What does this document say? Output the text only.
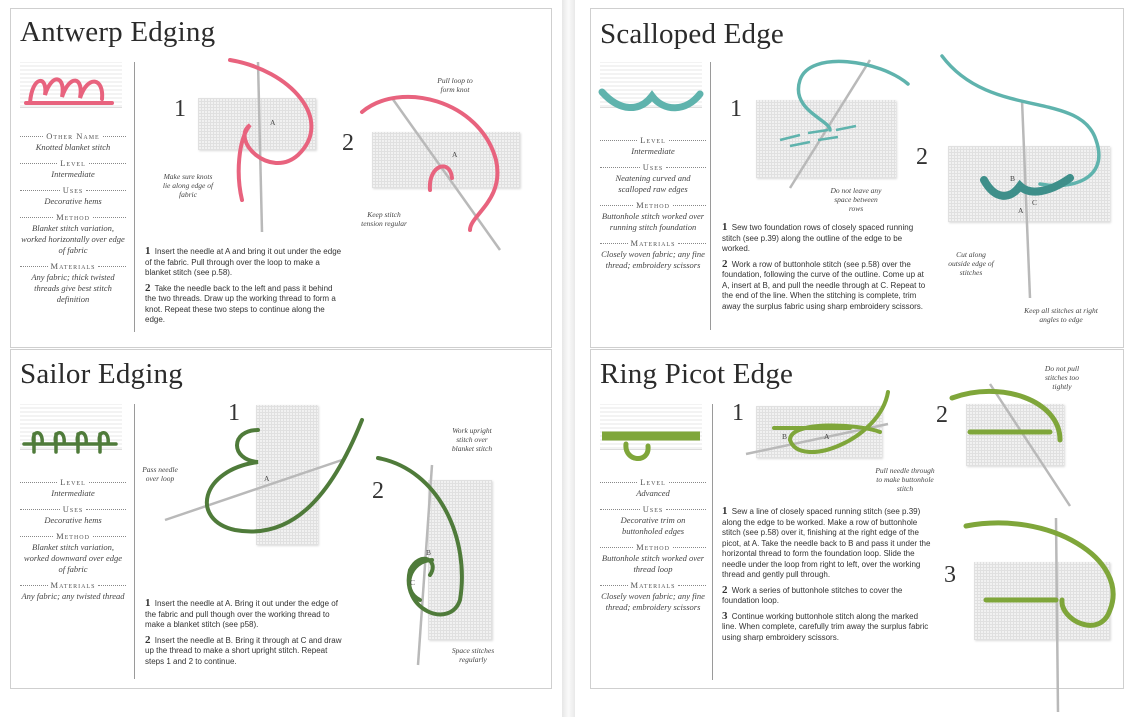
Antwerp Edging
Other Name
Knotted blanket stitch
Level
Intermediate
Uses
Decorative hems
Method
Blanket stitch variation, worked horizontally over edge of fabric
Materials
Any fabric; thick twisted threads give best stitch definition
1
2
A
A
Make sure knots lie along edge of fabric
Pull loop to form knot
Keep stitch tension regular

1 Insert the needle at A and bring it out under the edge of the fabric. Pull through over the loop to make a blanket stitch (see p.58).

2 Take the needle back to the left and pass it behind the two threads. Draw up the working thread to form a knot. Repeat these two steps to continue along the edge.

Sailor Edging
Level
Intermediate
Uses
Decorative hems
Method
Blanket stitch variation, worked downward over edge of fabric
Materials
Any fabric; any twisted thread
1
2
A
B
C
Pass needle over loop
Work upright stitch over blanket stitch
Space stitches regularly

1 Insert the needle at A. Bring it out under the edge of the fabric and pull though over the working thread to make a blanket stitch (see p58).

2 Insert the needle at B. Bring it through at C and draw up the thread to make a short upright stitch. Repeat steps 1 and 2 to continue.

Scalloped Edge
Level
Intermediate
Uses
Neatening curved and scalloped raw edges
Method
Buttonhole stitch worked over running stitch foundation
Materials
Closely woven fabric; any fine thread; embroidery scissors
1
2
B
C
A
Do not leave any space between rows
Cut along outside edge of stitches
Keep all stitches at right angles to edge

1 Sew two foundation rows of closely spaced running stitch (see p.39) along the outline of the edge to be worked.

2 Work a row of buttonhole stitch (see p.58) over the foundation, following the curve of the outline. Come up at A, insert at B, and pull the needle through at C. Repeat to the end of the line. When the stitching is complete, trim away the surplus fabric using sharp embroidery scissors.

Ring Picot Edge
Level
Advanced
Uses
Decorative trim on buttonholed edges
Method
Buttonhole stitch worked over thread loop
Materials
Closely woven fabric; any fine thread; embroidery scissors
1	2
3
B	A
Pull needle through to make buttonhole stitch
Do not pull stitches too tightly

1 Sew a line of closely spaced running stitch (see p.39) along the edge to be worked. Make a row of buttonhole stitch (see p.58) over it, finishing at the right edge of the picot, at A. Take the needle back to B and pass it under the horizontal thread to form the foundation loop. Slide the needle under the loop from right to left, over the working thread and gently pull through.

2 Work a series of buttonhole stitches to cover the foundation loop.

3 Continue working buttonhole stitch along the marked line. When complete, carefully trim away the surplus fabric using sharp embroidery scissors.
